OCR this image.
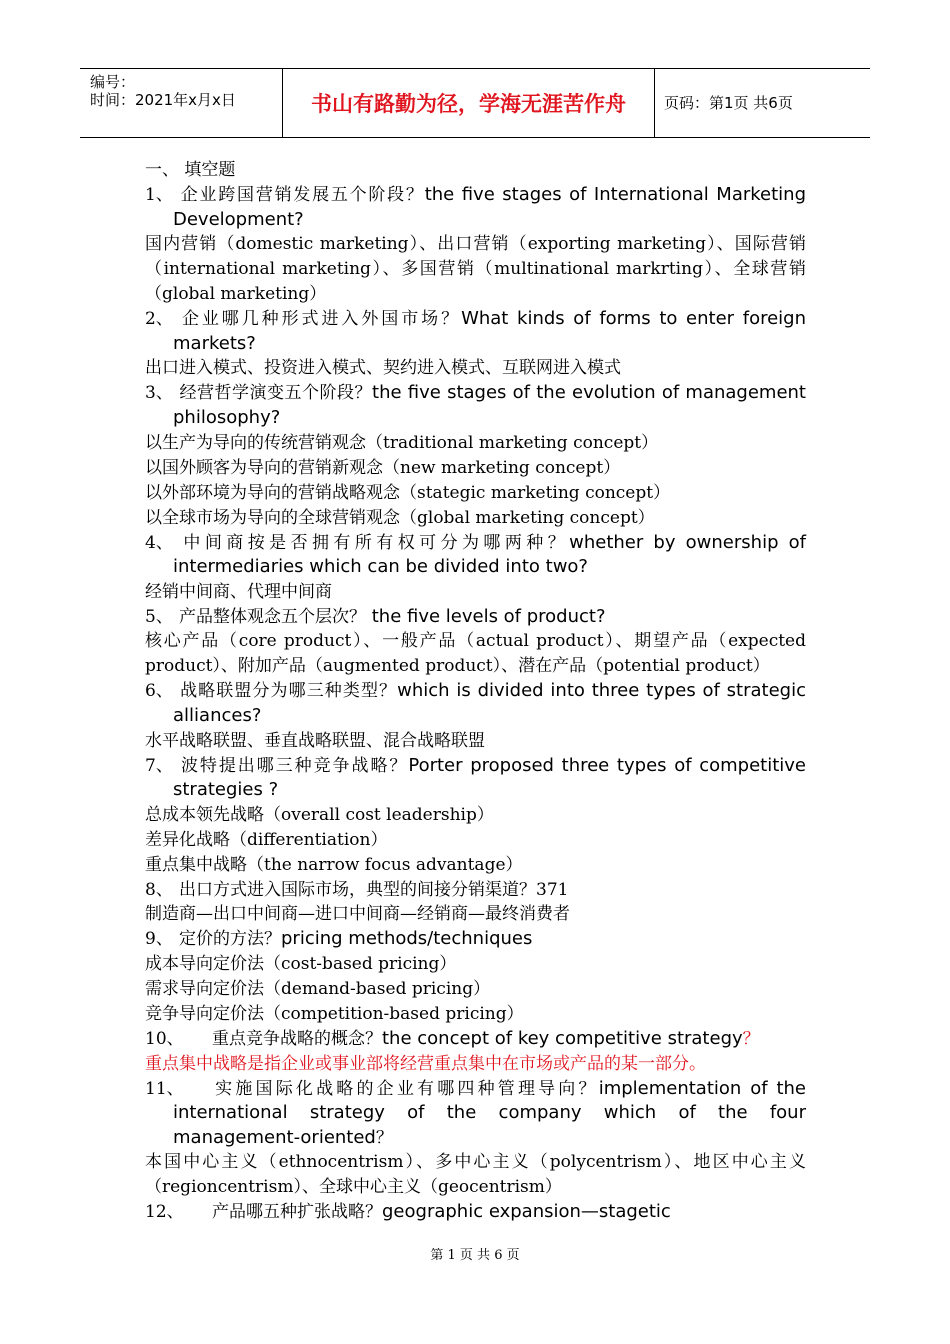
编号：
时间：2021年x月x日	书山有路勤为径，学海无涯苦作舟	页码：第1页 共6页
一、 填空题
1、 企业跨国营销发展五个阶段？the five stages of International Marketing Development?
国内营销（domestic marketing）、出口营销（exporting marketing）、国际营销（international marketing）、多国营销（multinational markrting）、全球营销（global marketing）
2、 企业哪几种形式进入外国市场？What kinds of forms to enter foreign markets?
出口进入模式、投资进入模式、契约进入模式、互联网进入模式
3、 经营哲学演变五个阶段？the five stages of the evolution of management philosophy?
以生产为导向的传统营销观念（traditional marketing concept）
以国外顾客为导向的营销新观念（new marketing concept）
以外部环境为导向的营销战略观念（stategic marketing concept）
以全球市场为导向的全球营销观念（global marketing concept）
4、 中间商按是否拥有所有权可分为哪两种？whether by ownership of intermediaries which can be divided into two?
经销中间商、代理中间商
5、 产品整体观念五个层次？ the five levels of product?
核心产品（core product）、一般产品（actual product）、期望产品（expected product）、附加产品（augmented product）、潜在产品（potential product）
6、 战略联盟分为哪三种类型？which is divided into three types of strategic alliances?
水平战略联盟、垂直战略联盟、混合战略联盟
7、 波特提出哪三种竞争战略？Porter proposed three types of competitive strategies ?
总成本领先战略（overall cost leadership）
差异化战略（differentiation）
重点集中战略（the narrow focus advantage）
8、 出口方式进入国际市场，典型的间接分销渠道？371
制造商—出口中间商—进口中间商—经销商—最终消费者
9、 定价的方法？pricing methods/techniques
成本导向定价法（cost-based pricing）
需求导向定价法（demand-based pricing）
竞争导向定价法（competition-based pricing）
10、 重点竞争战略的概念？the concept of key competitive strategy？
重点集中战略是指企业或事业部将经营重点集中在市场或产品的某一部分。
11、 实施国际化战略的企业有哪四种管理导向？implementation of the international strategy of the company which of the four management-oriented？
本国中心主义（ethnocentrism）、多中心主义（polycentrism）、地区中心主义（regioncentrism）、全球中心主义（geocentrism）
12、 产品哪五种扩张战略？geographic expansion—stagetic
第 1 页 共 6 页
